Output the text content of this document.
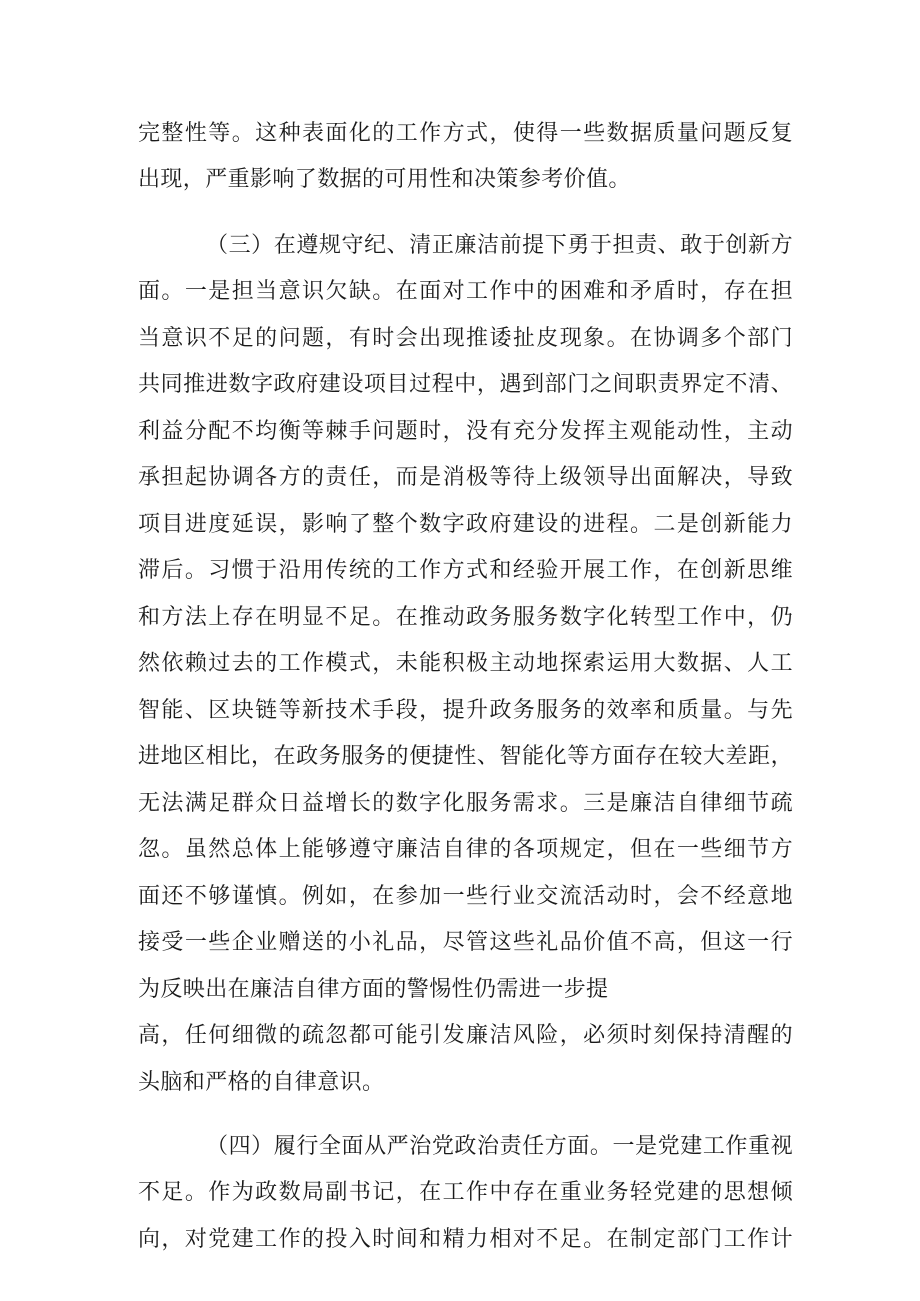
完整性等。这种表面化的工作方式，使得一些数据质量问题反复
出现，严重影响了数据的可用性和决策参考价值。
（三）在遵规守纪、清正廉洁前提下勇于担责、敢于创新方
面。一是担当意识欠缺。在面对工作中的困难和矛盾时，存在担
当意识不足的问题，有时会出现推诿扯皮现象。在协调多个部门
共同推进数字政府建设项目过程中，遇到部门之间职责界定不清、
利益分配不均衡等棘手问题时，没有充分发挥主观能动性，主动
承担起协调各方的责任，而是消极等待上级领导出面解决，导致
项目进度延误，影响了整个数字政府建设的进程。二是创新能力
滞后。习惯于沿用传统的工作方式和经验开展工作，在创新思维
和方法上存在明显不足。在推动政务服务数字化转型工作中，仍
然依赖过去的工作模式，未能积极主动地探索运用大数据、人工
智能、区块链等新技术手段，提升政务服务的效率和质量。与先
进地区相比，在政务服务的便捷性、智能化等方面存在较大差距，
无法满足群众日益增长的数字化服务需求。三是廉洁自律细节疏
忽。虽然总体上能够遵守廉洁自律的各项规定，但在一些细节方
面还不够谨慎。例如，在参加一些行业交流活动时，会不经意地
接受一些企业赠送的小礼品，尽管这些礼品价值不高，但这一行
为反映出在廉洁自律方面的警惕性仍需进一步提
高，任何细微的疏忽都可能引发廉洁风险，必须时刻保持清醒的
头脑和严格的自律意识。
（四）履行全面从严治党政治责任方面。一是党建工作重视
不足。作为政数局副书记，在工作中存在重业务轻党建的思想倾
向，对党建工作的投入时间和精力相对不足。在制定部门工作计
